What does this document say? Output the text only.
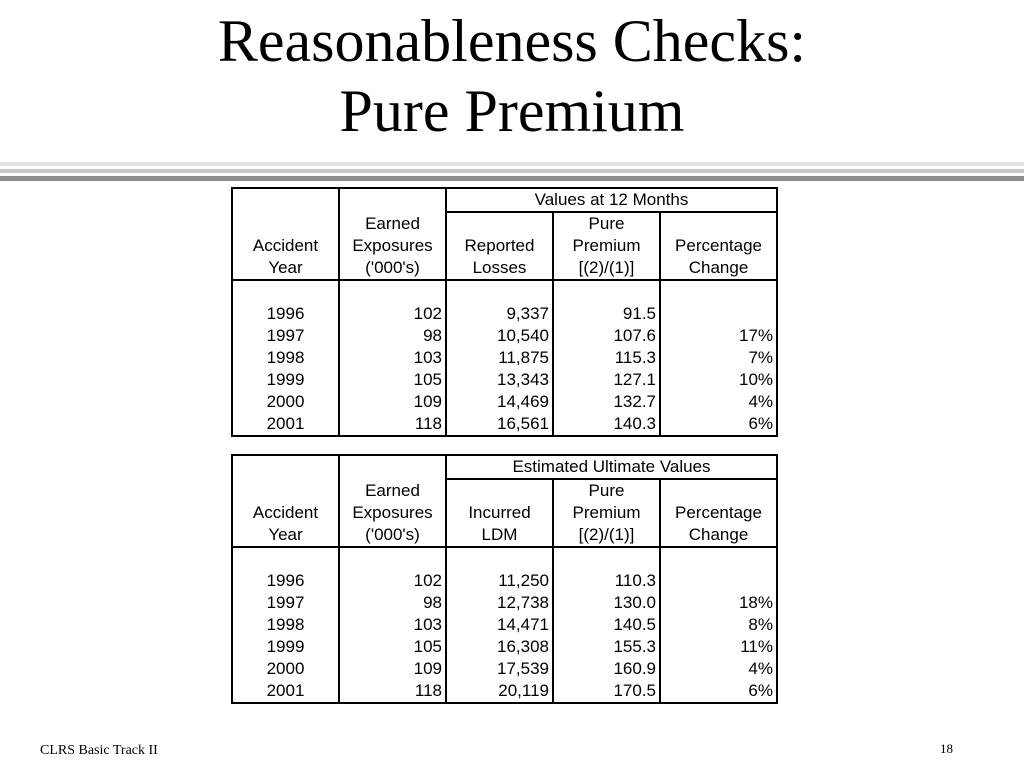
Reasonableness Checks:
Pure Premium
		Values at 12 Months		
	Earned		Pure	
Accident	Exposures	Reported	Premium	Percentage
Year	('000's)	Losses	[(2)/(1)]	Change

1996	102	9,337	91.5	
1997	98	10,540	107.6	17%
1998	103	11,875	115.3	7%
1999	105	13,343	127.1	10%
2000	109	14,469	132.7	4%
2001	118	16,561	140.3	6%
		Estimated Ultimate Values		
	Earned		Pure	
Accident	Exposures	Incurred	Premium	Percentage
Year	('000's)	LDM	[(2)/(1)]	Change

1996	102	11,250	110.3	
1997	98	12,738	130.0	18%
1998	103	14,471	140.5	8%
1999	105	16,308	155.3	11%
2000	109	17,539	160.9	4%
2001	118	20,119	170.5	6%
CLRS Basic Track II	18
